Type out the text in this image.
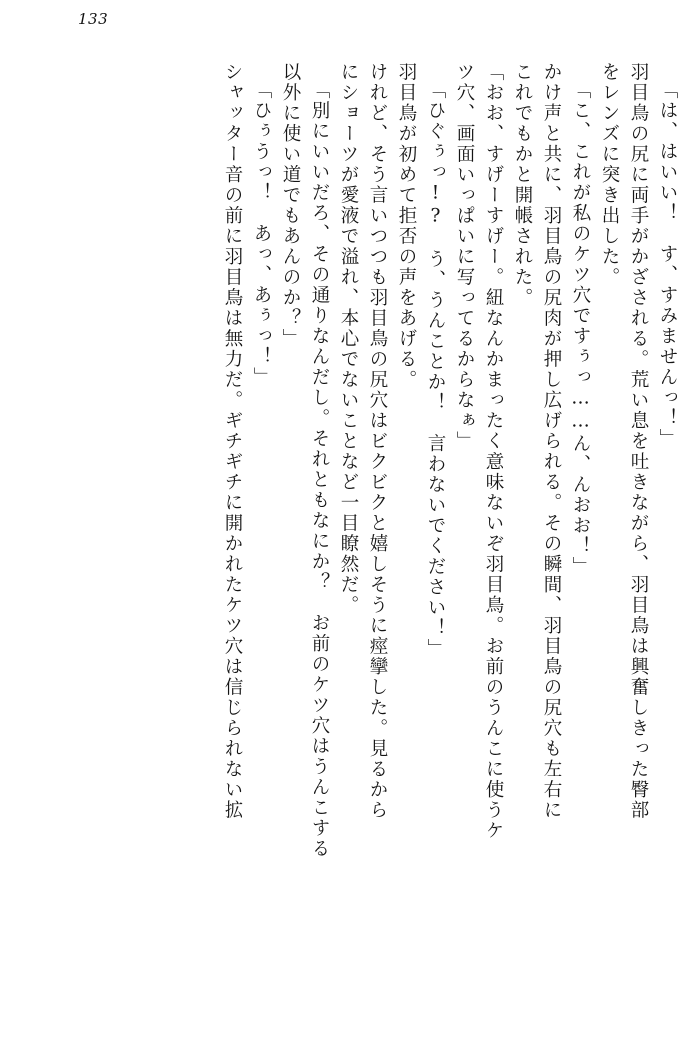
133
「は、はいい！　す、すみませんっ！」
羽目鳥の尻に両手がかざされる。荒い息を吐きながら、羽目鳥は興奮しきった臀部
をレンズに突き出した。
「こ、これが私のケツ穴ですぅっ……ん、んおお！」
かけ声と共に、羽目鳥の尻肉が押し広げられる。その瞬間、羽目鳥の尻穴も左右に
これでもかと開帳された。
「おお、すげーすげー。紐なんかまったく意味ないぞ羽目鳥。お前のうんこに使うケ
ツ穴、画面いっぱいに写ってるからなぁ」
「ひぐぅっ!?　う、うんことか！　言わないでください！」
羽目鳥が初めて拒否の声をあげる。
けれど、そう言いつつも羽目鳥の尻穴はビクビクと嬉しそうに痙攣した。見るから
にショーツが愛液で溢れ、本心でないことなど一目瞭然だ。
「別にいいだろ、その通りなんだし。それともなにか？　お前のケツ穴はうんこする
以外に使い道でもあんのか？」
「ひぅうっ！　あっ、あぅっ！」
シャッター音の前に羽目鳥は無力だ。ギチギチに開かれたケツ穴は信じられない拡
